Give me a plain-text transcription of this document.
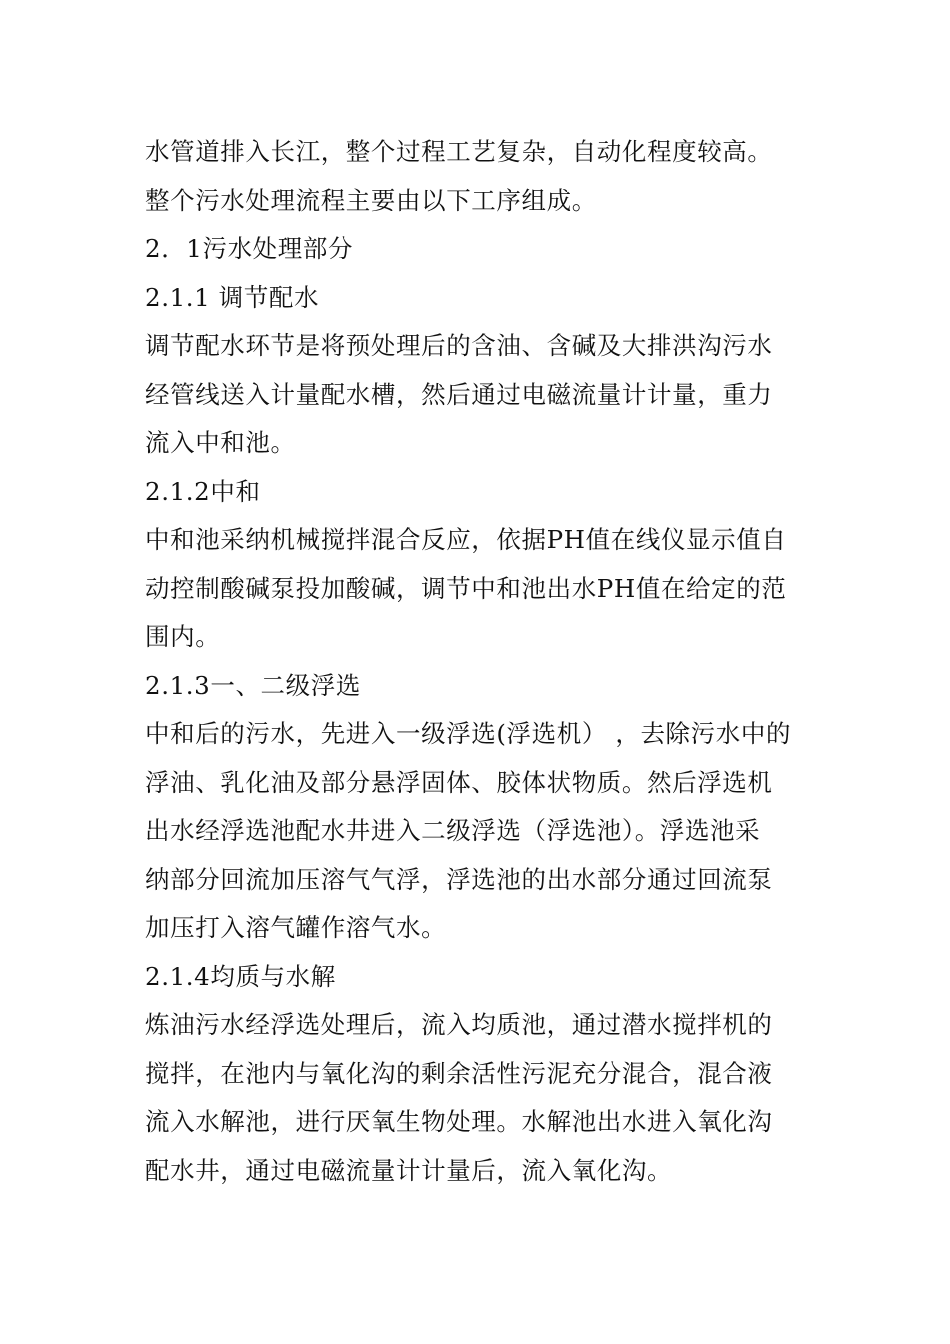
水管道排入长江，整个过程工艺复杂，自动化程度较高。

整个污水处理流程主要由以下工序组成。

2．1污水处理部分

2.1.1 调节配水

调节配水环节是将预处理后的含油、含碱及大排洪沟污水

经管线送入计量配水槽，然后通过电磁流量计计量，重力

流入中和池。

2.1.2中和

中和池采纳机械搅拌混合反应，依据PH值在线仪显示值自

动控制酸碱泵投加酸碱，调节中和池出水PH值在给定的范

围内。

2.1.3一、二级浮选

中和后的污水，先进入一级浮选(浮选机） ，去除污水中的

浮油、乳化油及部分悬浮固体、胶体状物质。然后浮选机

出水经浮选池配水井进入二级浮选（浮选池）。浮选池采

纳部分回流加压溶气气浮，浮选池的出水部分通过回流泵

加压打入溶气罐作溶气水。

2.1.4均质与水解

炼油污水经浮选处理后，流入均质池，通过潜水搅拌机的

搅拌，在池内与氧化沟的剩余活性污泥充分混合，混合液

流入水解池，进行厌氧生物处理。水解池出水进入氧化沟

配水井，通过电磁流量计计量后，流入氧化沟。
